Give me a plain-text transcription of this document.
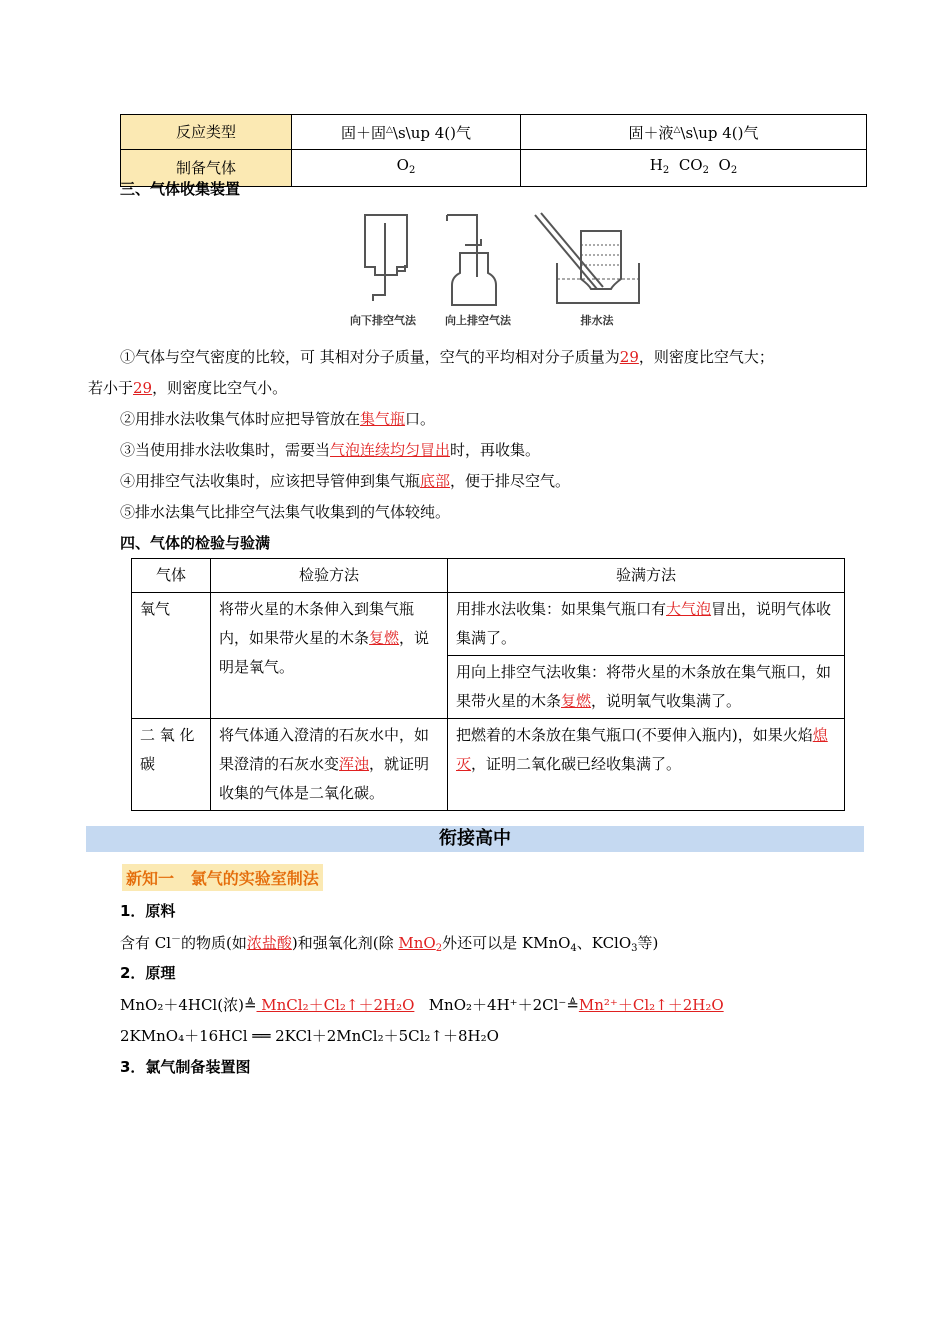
反应类型	固＋固△\s\up 4()气	固＋液△\s\up 4()气
制备气体	$O_2$	$H_2$ $CO_2$ $O_2$
三、气体收集装置
向下排空气法	向上排空气法	排水法

①气体与空气密度的比较，可 其相对分子质量，空气的平均相对分子质量为29，则密度比空气大；

若小于29，则密度比空气小。

②用排水法收集气体时应把导管放在集气瓶口。

③当使用排水法收集时，需要当气泡连续均匀冒出时，再收集。

④用排空气法收集时，应该把导管伸到集气瓶底部，便于排尽空气。

⑤排水法集气比排空气法集气收集到的气体较纯。

四、气体的检验与验满
气体	检验方法	验满方法
氧气	将带火星的木条伸入到集气瓶内，如果带火星的木条复燃，说明是氧气。	用排水法收集：如果集气瓶口有大气泡冒出，说明气体收集满了。
		用向上排空气法收集：将带火星的木条放在集气瓶口，如果带火星的木条复燃，说明氧气收集满了。
二 氧 化 碳	将气体通入澄清的石灰水中，如果澄清的石灰水变浑浊，就证明收集的气体是二氧化碳。	把燃着的木条放在集气瓶口(不要伸入瓶内)，如果火焰熄灭，证明二氧化碳已经收集满了。
衔接高中
新知一 氯气的实验室制法
1．原料

含有 Cl－的物质(如浓盐酸)和强氧化剂(除 MnO$_2$外还可以是 KMnO$_4$、KClO$_3$等)

2．原理

MnO₂＋4HCl(浓)≜ MnCl₂＋Cl₂↑＋2H₂O MnO₂＋4H⁺＋2Cl⁻≜Mn²⁺＋Cl₂↑＋2H₂O

2KMnO₄＋16HCl ══ 2KCl＋2MnCl₂＋5Cl₂↑＋8H₂O

3．氯气制备装置图
